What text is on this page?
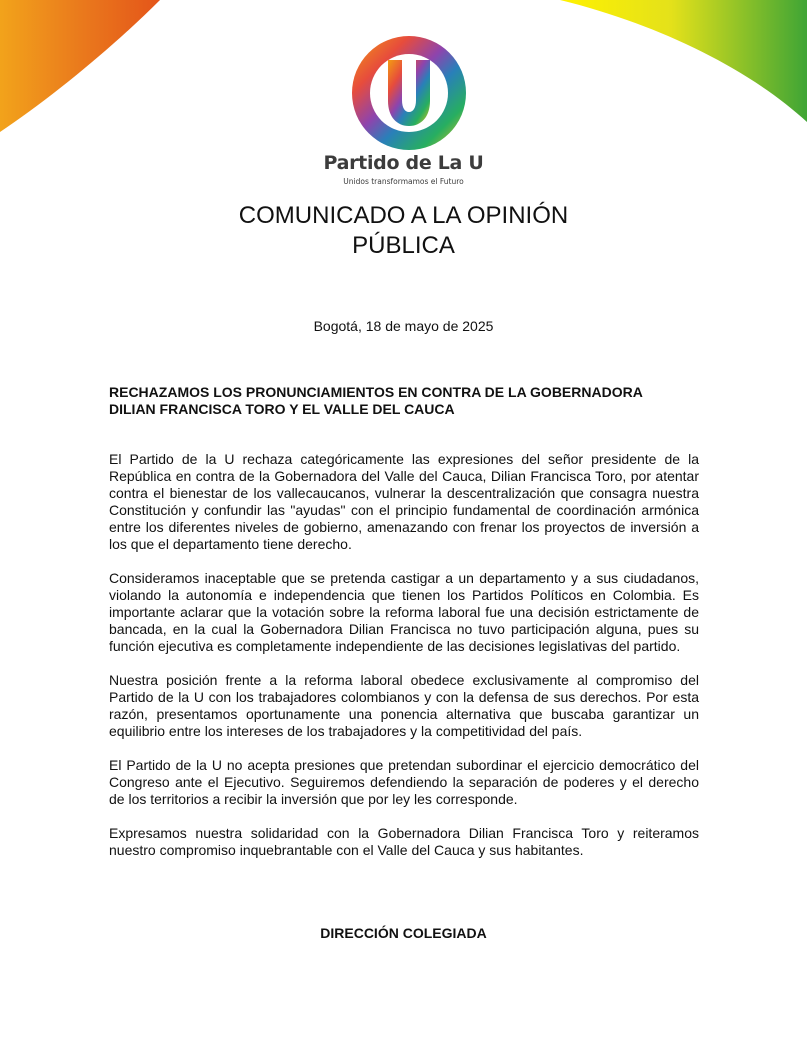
Partido de La U
Unidos transformamos el Futuro
COMUNICADO A LA OPINIÓN
PÚBLICA
Bogotá, 18 de mayo de 2025
RECHAZAMOS LOS PRONUNCIAMIENTOS EN CONTRA DE LA GOBERNADORA
DILIAN FRANCISCA TORO Y EL VALLE DEL CAUCA

El Partido de la U rechaza categóricamente las expresiones del señor presidente de la República en contra de la Gobernadora del Valle del Cauca, Dilian Francisca Toro, por atentar contra el bienestar de los vallecaucanos, vulnerar la descentralización que consagra nuestra Constitución y confundir las "ayudas" con el principio fundamental de coordinación armónica entre los diferentes niveles de gobierno, amenazando con frenar los proyectos de inversión a los que el departamento tiene derecho.

Consideramos inaceptable que se pretenda castigar a un departamento y a sus ciudadanos, violando la autonomía e independencia que tienen los Partidos Políticos en Colombia. Es importante aclarar que la votación sobre la reforma laboral fue una decisión estrictamente de bancada, en la cual la Gobernadora Dilian Francisca no tuvo participación alguna, pues su función ejecutiva es completamente independiente de las decisiones legislativas del partido.

Nuestra posición frente a la reforma laboral obedece exclusivamente al compromiso del Partido de la U con los trabajadores colombianos y con la defensa de sus derechos. Por esta razón, presentamos oportunamente una ponencia alternativa que buscaba garantizar un equilibrio entre los intereses de los trabajadores y la competitividad del país.

El Partido de la U no acepta presiones que pretendan subordinar el ejercicio democrático del Congreso ante el Ejecutivo. Seguiremos defendiendo la separación de poderes y el derecho de los territorios a recibir la inversión que por ley les corresponde.

Expresamos nuestra solidaridad con la Gobernadora Dilian Francisca Toro y reiteramos nuestro compromiso inquebrantable con el Valle del Cauca y sus habitantes.

DIRECCIÓN COLEGIADA
